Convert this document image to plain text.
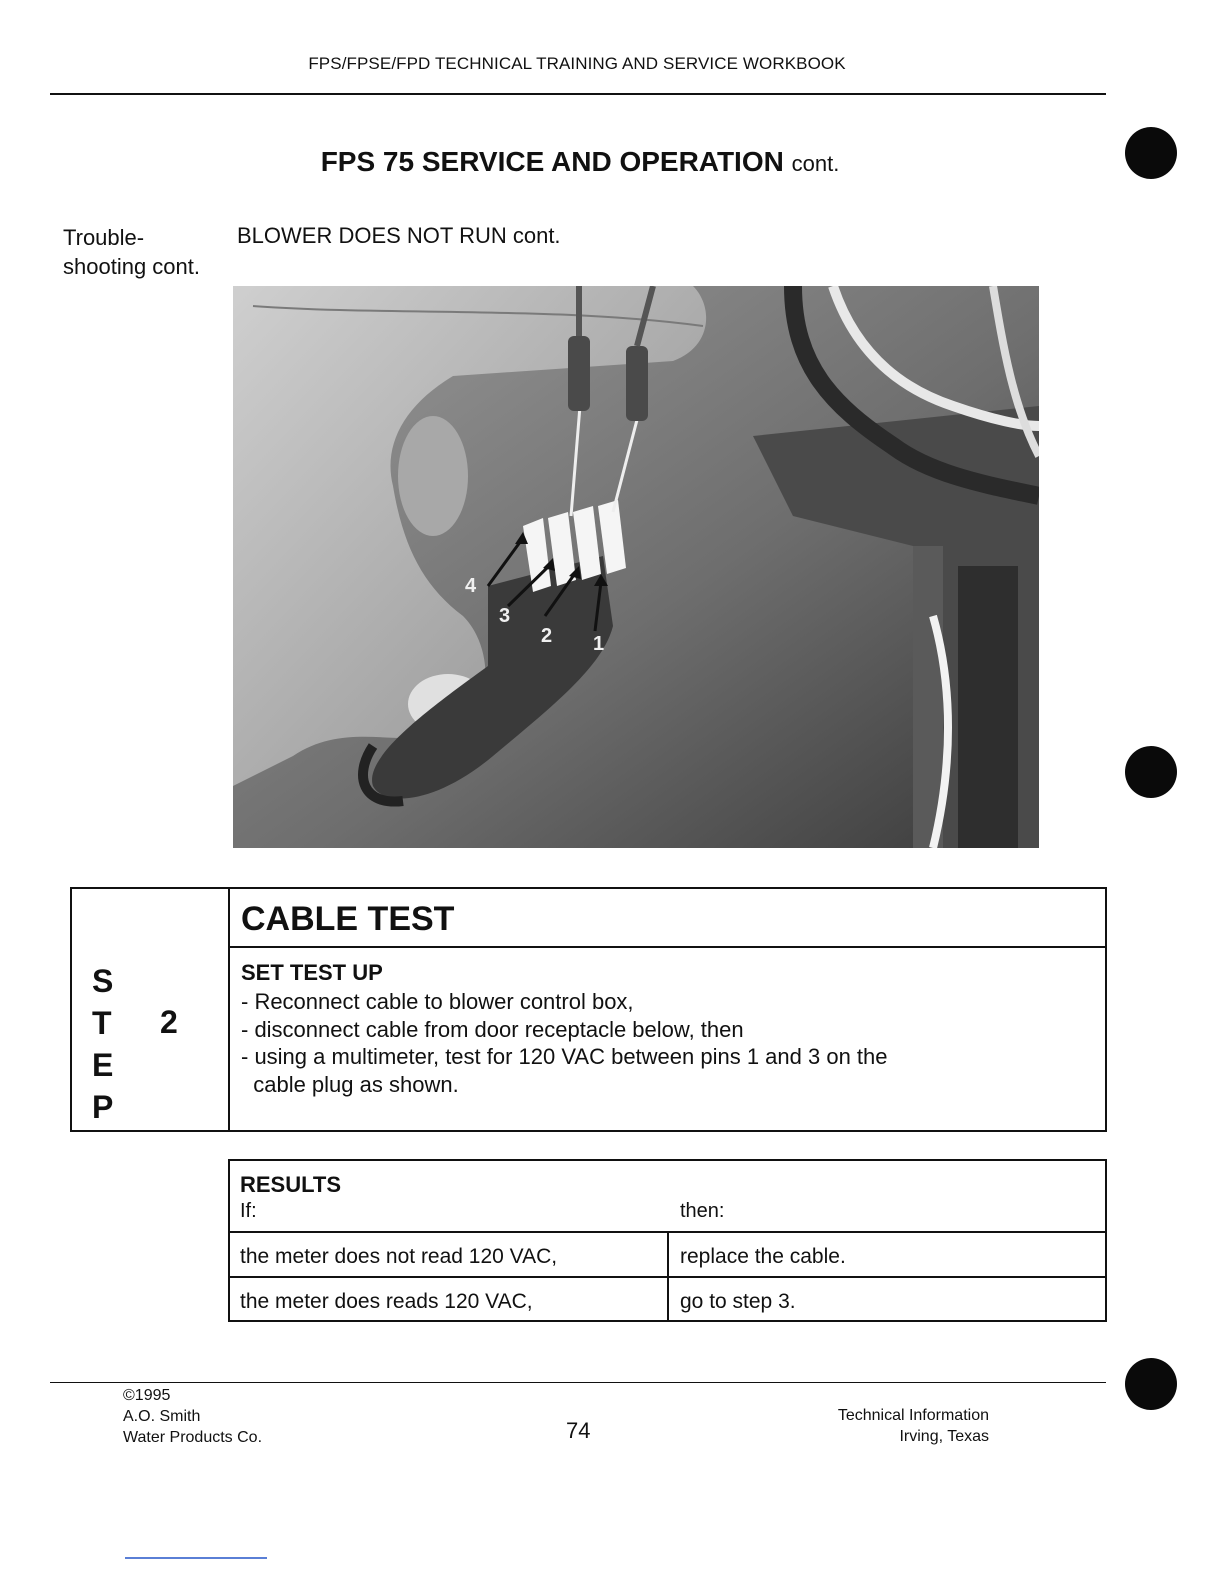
FPS/FPSE/FPD TECHNICAL TRAINING AND SERVICE WORKBOOK
FPS 75 SERVICE AND OPERATION cont.
Trouble-
shooting cont.
BLOWER DOES NOT RUN cont.
4
3
2 1
S
T
E
P
2
CABLE TEST
SET TEST UP
- Reconnect cable to blower control box,
- disconnect cable from door receptacle below, then
- using a multimeter, test for 120 VAC between pins 1 and 3 on the
cable plug as shown.
RESULTS
If:	then:
the meter does not read 120 VAC,	replace the cable.
the meter does reads 120 VAC,	go to step 3.
©1995
A.O. Smith
Water Products Co.	74
Technical Information
Irving, Texas
